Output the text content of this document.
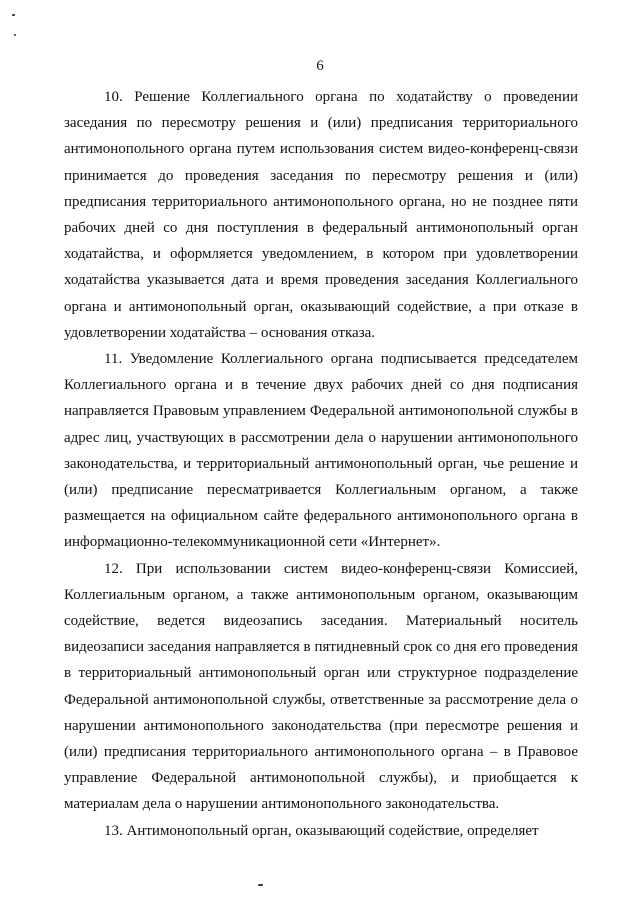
6

10. Решение Коллегиального органа по ходатайству о проведении заседания по пересмотру решения и (или) предписания территориального антимонопольного органа путем использования систем видео-конференц-связи принимается до проведения заседания по пересмотру решения и (или) предписания территориального антимонопольного органа, но не позднее пяти рабочих дней со дня поступления в федеральный антимонопольный орган ходатайства, и оформляется уведомлением, в котором при удовлетворении ходатайства указывается дата и время проведения заседания Коллегиального органа и антимонопольный орган, оказывающий содействие, а при отказе в удовлетворении ходатайства – основания отказа.

11. Уведомление Коллегиального органа подписывается председателем Коллегиального органа и в течение двух рабочих дней со дня подписания направляется Правовым управлением Федеральной антимонопольной службы в адрес лиц, участвующих в рассмотрении дела о нарушении антимонопольного законодательства, и территориальный антимонопольный орган, чье решение и (или) предписание пересматривается Коллегиальным органом, а также размещается на официальном сайте федерального антимонопольного органа в информационно-телекоммуникационной сети «Интернет».

12. При использовании систем видео-конференц-связи Комиссией, Коллегиальным органом, а также антимонопольным органом, оказывающим содействие, ведется видеозапись заседания. Материальный носитель видеозаписи заседания направляется в пятидневный срок со дня его проведения в территориальный антимонопольный орган или структурное подразделение Федеральной антимонопольной службы, ответственные за рассмотрение дела о нарушении антимонопольного законодательства (при пересмотре решения и (или) предписания территориального антимонопольного органа – в Правовое управление Федеральной антимонопольной службы), и приобщается к материалам дела о нарушении антимонопольного законодательства.

13. Антимонопольный орган, оказывающий содействие, определяет
